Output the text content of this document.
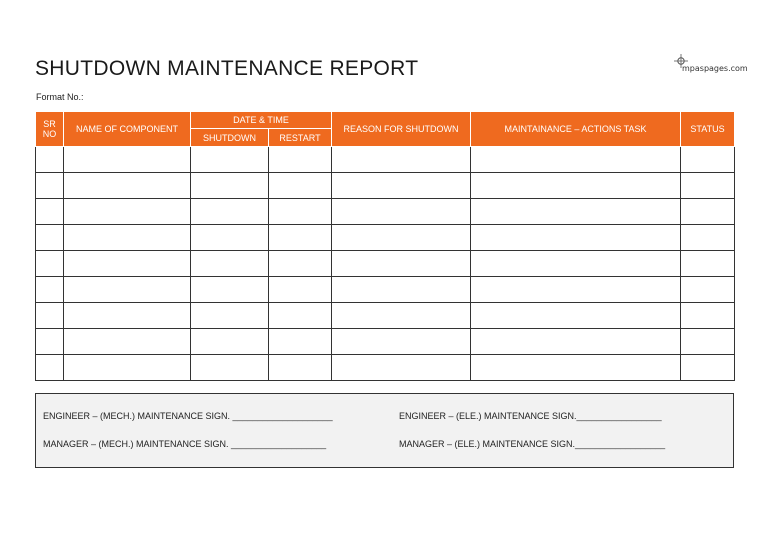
SHUTDOWN MAINTENANCE REPORT	mpaspages.com
Format No.:
SR NO	NAME OF COMPONENT	DATE & TIME		REASON FOR SHUTDOWN	MAINTAINANCE – ACTIONS TASK	STATUS
		SHUTDOWN	RESTART			

ENGINEER – (MECH.) MAINTENANCE SIGN. ____________________	ENGINEER – (ELE.) MAINTENANCE SIGN._________________
MANAGER – (MECH.) MAINTENANCE SIGN. ___________________	MANAGER – (ELE.) MAINTENANCE SIGN.__________________
